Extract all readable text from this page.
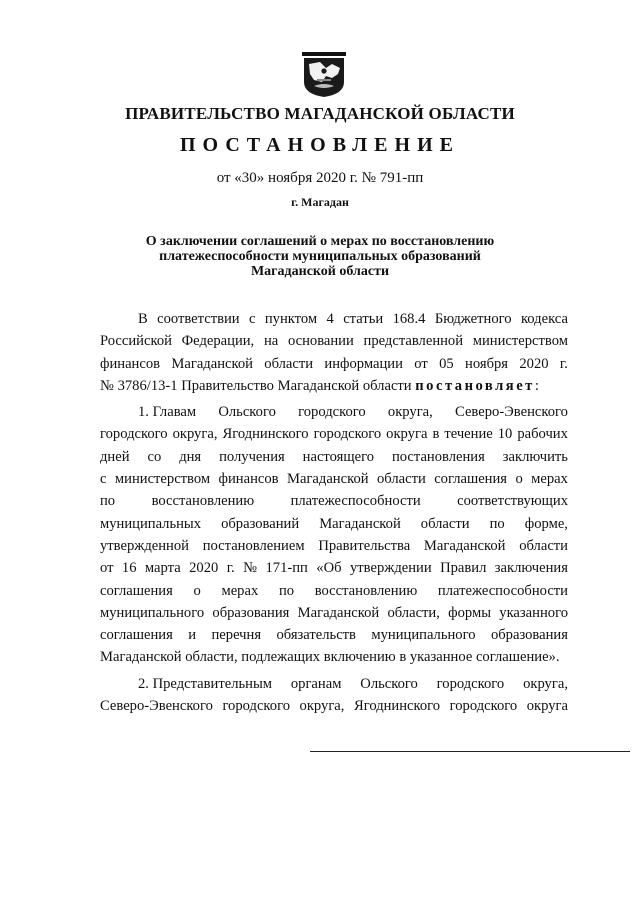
ПРАВИТЕЛЬСТВО МАГАДАНСКОЙ ОБЛАСТИ
ПОСТАНОВЛЕНИЕ
от «30» ноября 2020 г. № 791-пп
г. Магадан
О заключении соглашений о мерах по восстановлению
платежеспособности муниципальных образований
Магаданской области
В соответствии с пунктом 4 статьи 168.4 Бюджетного кодекса
Российской Федерации, на основании представленной министерством
финансов Магаданской области информации от 05 ноября 2020 г.
№ 3786/13-1 Правительство Магаданской области постановляет :
1. Главам Ольского городского округа, Северо-Эвенского
городского округа, Ягоднинского городского округа в течение 10 рабочих
дней со дня получения настоящего постановления заключить
с министерством финансов Магаданской области соглашения о мерах
по восстановлению платежеспособности соответствующих
муниципальных образований Магаданской области по форме,
утвержденной постановлением Правительства Магаданской области
от 16 марта 2020 г. № 171-пп «Об утверждении Правил заключения
соглашения о мерах по восстановлению платежеспособности
муниципального образования Магаданской области, формы указанного
соглашения и перечня обязательств муниципального образования
Магаданской области, подлежащих включению в указанное соглашение».
2. Представительным органам Ольского городского округа,
Северо-Эвенского городского округа, Ягоднинского городского округа
